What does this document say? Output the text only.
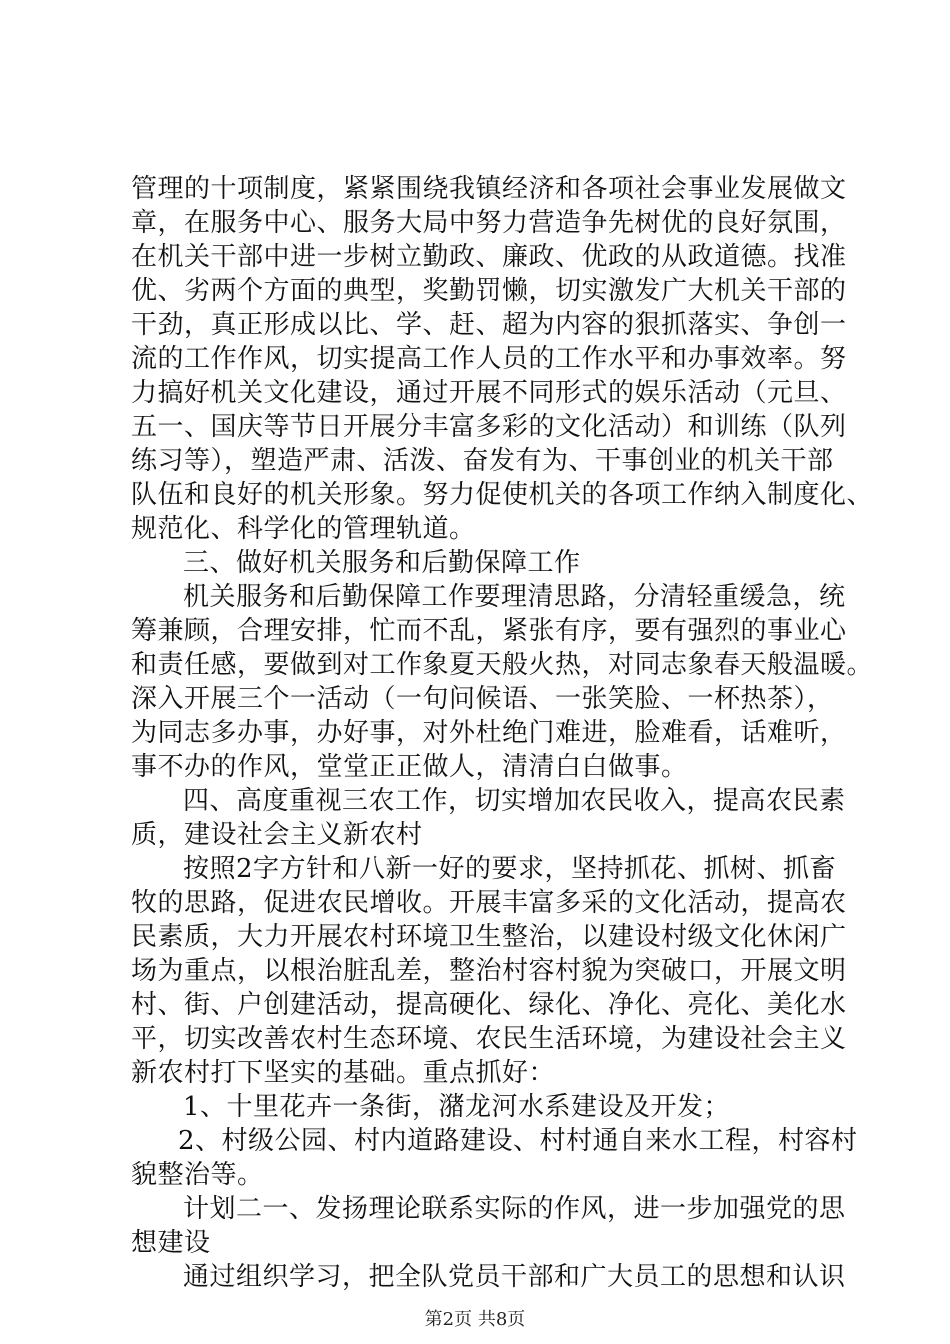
管理的十项制度，紧紧围绕我镇经济和各项社会事业发展做文
章，在服务中心、服务大局中努力营造争先树优的良好氛围，
在机关干部中进一步树立勤政、廉政、优政的从政道德。找准
优、劣两个方面的典型，奖勤罚懒，切实激发广大机关干部的
干劲，真正形成以比、学、赶、超为内容的狠抓落实、争创一
流的工作作风，切实提高工作人员的工作水平和办事效率。努
力搞好机关文化建设，通过开展不同形式的娱乐活动（元旦、
五一、国庆等节日开展分丰富多彩的文化活动）和训练（队列
练习等），塑造严肃、活泼、奋发有为、干事创业的机关干部
队伍和良好的机关形象。努力促使机关的各项工作纳入制度化、
规范化、科学化的管理轨道。
三、做好机关服务和后勤保障工作
机关服务和后勤保障工作要理清思路，分清轻重缓急，统
筹兼顾，合理安排，忙而不乱，紧张有序，要有强烈的事业心
和责任感，要做到对工作象夏天般火热，对同志象春天般温暖。
深入开展三个一活动（一句问候语、一张笑脸、一杯热茶），
为同志多办事，办好事，对外杜绝门难进，脸难看，话难听，
事不办的作风，堂堂正正做人，清清白白做事。
四、高度重视三农工作，切实增加农民收入，提高农民素
质，建设社会主义新农村
按照2字方针和八新一好的要求，坚持抓花、抓树、抓畜
牧的思路，促进农民增收。开展丰富多采的文化活动，提高农
民素质，大力开展农村环境卫生整治，以建设村级文化休闲广
场为重点，以根治脏乱差，整治村容村貌为突破口，开展文明
村、街、户创建活动，提高硬化、绿化、净化、亮化、美化水
平，切实改善农村生态环境、农民生活环境，为建设社会主义
新农村打下坚实的基础。重点抓好：
1、十里花卉一条街，潴龙河水系建设及开发；
2、村级公园、村内道路建设、村村通自来水工程，村容村
貌整治等。
计划二一、发扬理论联系实际的作风，进一步加强党的思
想建设
通过组织学习，把全队党员干部和广大员工的思想和认识
第2页 共8页
